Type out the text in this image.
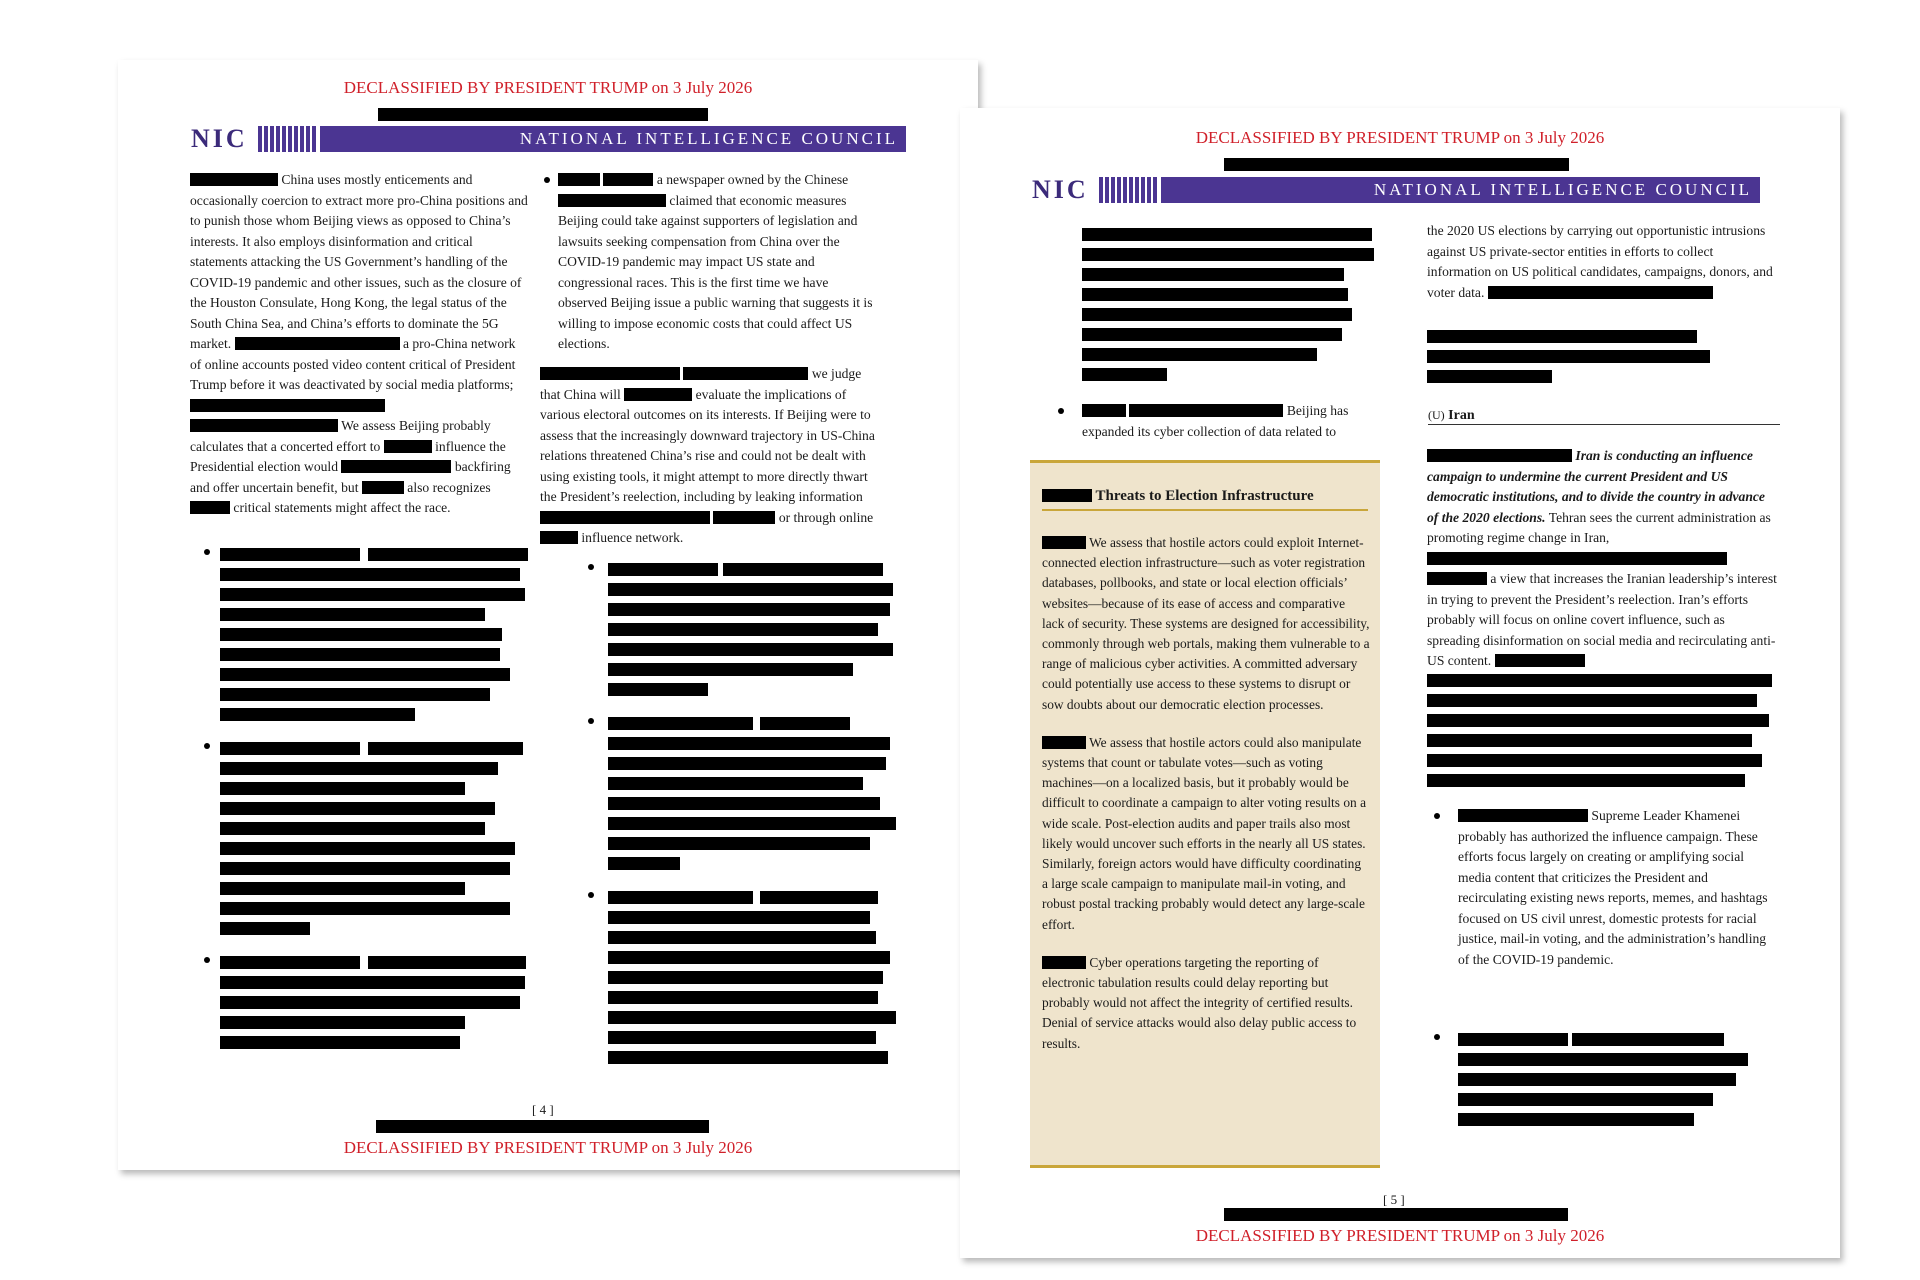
DECLASSIFIED BY PRESIDENT TRUMP on 3 July 2026
NIC	NATIONAL INTELLIGENCE COUNCIL

China uses mostly enticements and occasionally coercion to extract more pro-China positions and to punish those whom Beijing views as opposed to China’s interests. It also employs disinformation and critical statements attacking the US Government’s handling of the COVID-19 pandemic and other issues, such as the closure of the Houston Consulate, Hong Kong, the legal status of the South China Sea, and China’s efforts to dominate the 5G market.	a pro-China network of online accounts posted video content critical of President Trump before it was deactivated by social media platforms;

We assess Beijing probably calculates that a concerted effort to	influence the Presidential election would	backfiring and offer uncertain benefit, but	also recognizes  critical statements might affect the race.

a newspaper owned by the Chinese  claimed that economic measures Beijing could take against supporters of legislation and lawsuits seeking compensation from China over the COVID-19 pandemic may impact US state and congressional races. This is the first time we have observed Beijing issue a public warning that suggests it is willing to impose economic costs that could affect US elections.

we judge that China will	evaluate the implications of various electoral outcomes on its interests. If Beijing were to assess that the increasingly downward trajectory in US-China relations threatened China’s rise and could not be dealt with using existing tools, it might attempt to more directly thwart the President’s reelection, including by leaking information   or through online  influence network.

[ 4 ]
DECLASSIFIED BY PRESIDENT TRUMP on 3 July 2026
DECLASSIFIED BY PRESIDENT TRUMP on 3 July 2026
NIC	NATIONAL INTELLIGENCE COUNCIL

Beijing has expanded its cyber collection of data related to

Threats to Election Infrastructure

We assess that hostile actors could exploit Internet-connected election infrastructure—such as voter registration databases, pollbooks, and state or local election officials’ websites—because of its ease of access and comparative lack of security. These systems are designed for accessibility, commonly through web portals, making them vulnerable to a range of malicious cyber activities. A committed adversary could potentially use access to these systems to disrupt or sow doubts about our democratic election processes.

We assess that hostile actors could also manipulate systems that count or tabulate votes—such as voting machines—on a localized basis, but it probably would be difficult to coordinate a campaign to alter voting results on a wide scale. Post-election audits and paper trails also most likely would uncover such efforts in the nearly all US states. Similarly, foreign actors would have difficulty coordinating a large scale campaign to manipulate mail-in voting, and robust postal tracking probably would detect any large-scale effort.

Cyber operations targeting the reporting of electronic tabulation results could delay reporting but probably would not affect the integrity of certified results. Denial of service attacks would also delay public access to results.

the 2020 US elections by carrying out opportunistic intrusions against US private-sector entities in efforts to collect information on US political candidates, campaigns, donors, and voter data.

(U) Iran

Iran is conducting an influence campaign to undermine the current President and US democratic institutions, and to divide the country in advance of the 2020 elections. Tehran sees the current administration as promoting regime change in Iran,   a view that increases the Iranian leadership’s interest in trying to prevent the President’s reelection. Iran’s efforts probably will focus on online covert influence, such as spreading disinformation on social media and recirculating anti-US content.

Supreme Leader Khamenei probably has authorized the influence campaign. These efforts focus largely on creating or amplifying social media content that criticizes the President and recirculating existing news reports, memes, and hashtags focused on US civil unrest, domestic protests for racial justice, mail-in voting, and the administration’s handling of the COVID-19 pandemic.

[ 5 ]
DECLASSIFIED BY PRESIDENT TRUMP on 3 July 2026
